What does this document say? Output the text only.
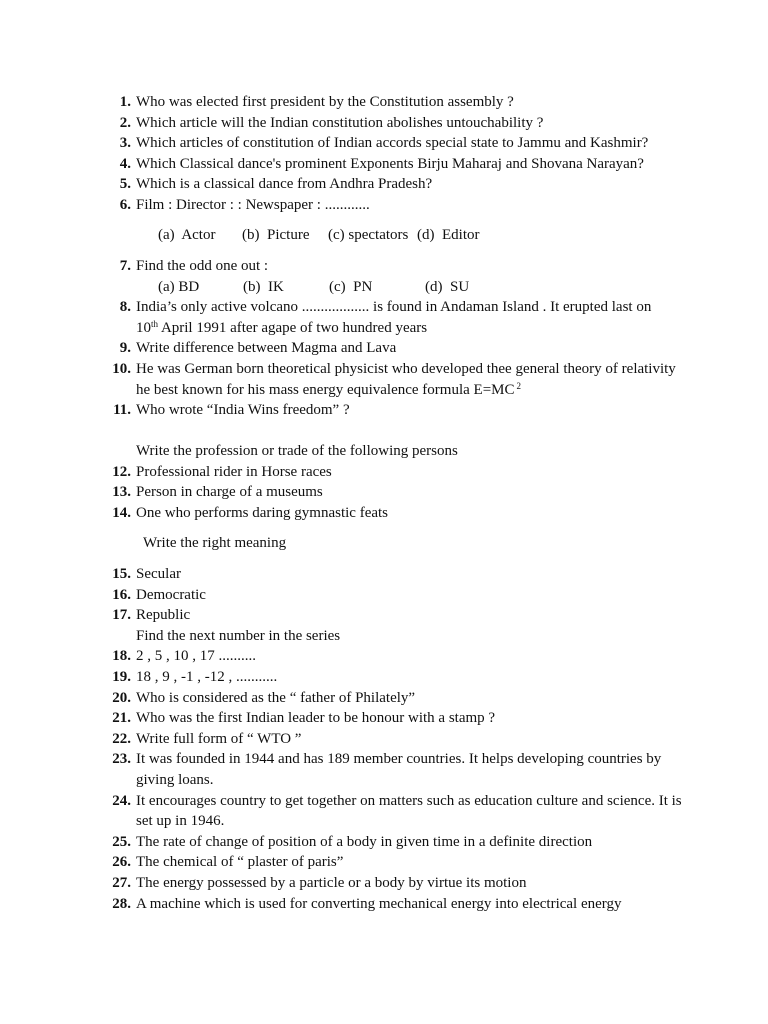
1. Who was elected first president by the Constitution assembly ?
2. Which article will the Indian constitution abolishes untouchability ?
3. Which articles of constitution of Indian accords special state to Jammu and Kashmir?
4. Which Classical dance's prominent Exponents Birju Maharaj and Shovana Narayan?
5. Which is a classical dance from Andhra Pradesh?
6. Film : Director : : Newspaper : ............
(a)  Actor (b)  Picture (c) spectators (d)  Editor
7. Find the odd one out :
(a) BD	(b)  IK	(c)  PN	(d)  SU
8. India’s only active volcano .................. is found in Andaman Island . It erupted last on
10th April 1991 after agape of two hundred years
9. Write difference between Magma and Lava
10. He was German born theoretical physicist who developed thee general theory of relativity
he best known for his mass energy equivalence formula E=MC $^2$
11. Who wrote “India Wins freedom” ?
Write the profession or trade of the following persons
12. Professional rider in Horse races
13. Person in charge of a museums
14. One who performs daring gymnastic feats
Write the right meaning
15. Secular
16. Democratic
17. Republic
Find the next number in the series
18. 2 , 5 , 10 , 17 ..........
19. 18 , 9 , -1 , -12 , ...........
20. Who is considered as the “ father of Philately”
21. Who was the first Indian leader to be honour with a stamp ?
22. Write full form of “ WTO ”
23. It was founded in 1944 and has 189 member countries. It helps developing countries by giving loans.
24. It encourages country to get together on matters such as education culture and science. It is set up in 1946.
25. The rate of change of position of a body in given time in a definite direction
26. The chemical of “ plaster of paris”
27. The energy possessed by a particle or a body by virtue its motion
28. A machine which is used for converting mechanical energy into electrical energy
